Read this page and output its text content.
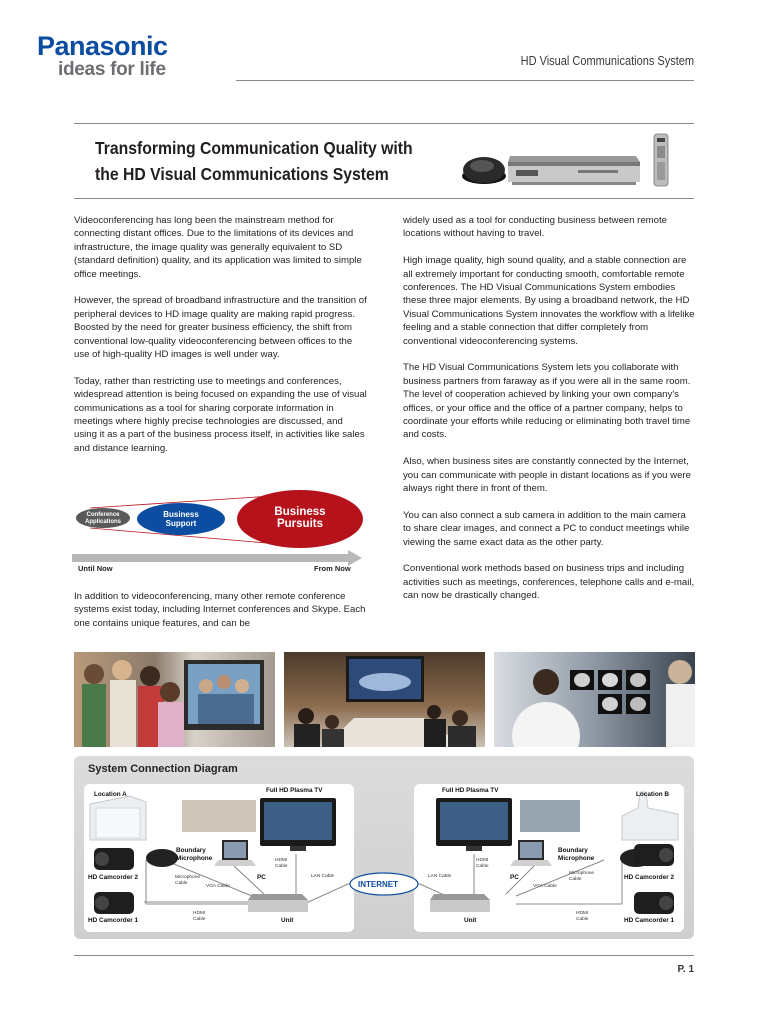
Panasonic
ideas for life	HD Visual Communications System
Transforming Communication Quality with
the HD Visual Communications System

Videoconferencing has long been the mainstream method for connecting distant offices. Due to the limitations of its devices and infrastructure, the image quality was generally equivalent to SD (standard definition) quality, and its application was limited to simple office meetings.

However, the spread of broadband infrastructure and the transition of peripheral devices to HD image quality are making rapid progress. Boosted by the need for greater business efficiency, the shift from conventional low-quality videoconferencing between offices to the use of high-quality HD images is well under way.

Today, rather than restricting use to meetings and conferences, widespread attention is being focused on expanding the use of visual communications as a tool for sharing corporate information in meetings where highly precise technologies are discussed, and using it as a part of the business process itself, in activities like sales and distance learning.

Conference Applications
Business Support
Business Pursuits
Until Now	From Now

In addition to videoconferencing, many other remote conference systems exist today, including Internet conferences and Skype. Each one contains unique features, and can be

widely used as a tool for conducting business between remote locations without having to travel.

High image quality, high sound quality, and a stable connection are all extremely important for conducting smooth, comfortable remote conferences. The HD Visual Communications System embodies these three major elements. By using a broadband network, the HD Visual Communications System innovates the workflow with a lifelike feeling and a stable connection that differ completely from conventional videoconferencing systems.

The HD Visual Communications System lets you collaborate with business partners from faraway as if you were all in the same room. The level of cooperation achieved by linking your own company's offices, or your office and the office of a partner company, helps to coordinate your efforts while reducing or eliminating both travel time and costs.

Also, when business sites are constantly connected by the Internet, you can communicate with people in distant locations as if you were always right there in front of them.

You can also connect a sub camera in addition to the main camera to share clear images, and connect a PC to conduct meetings while viewing the same exact data as the other party.

Conventional work methods based on business trips and including activities such as meetings, conferences, telephone calls and e-mail, can now be drastically changed.

System Connection Diagram
Location A
Full HD Plasma TV
Boundary Microphone
HD Camcorder 2
HD Camcorder 1
PC
Unit
Microphone Cable
VGA Cable
HDMI Cable
HDMI Cable
LAN Cable
INTERNET
Location B
Full HD Plasma TV
Boundary Microphone
HD Camcorder 2
HD Camcorder 1
PC
Unit
Microphone Cable
VGA Cable
HDMI Cable
HDMI Cable
LAN Cable
P. 1
